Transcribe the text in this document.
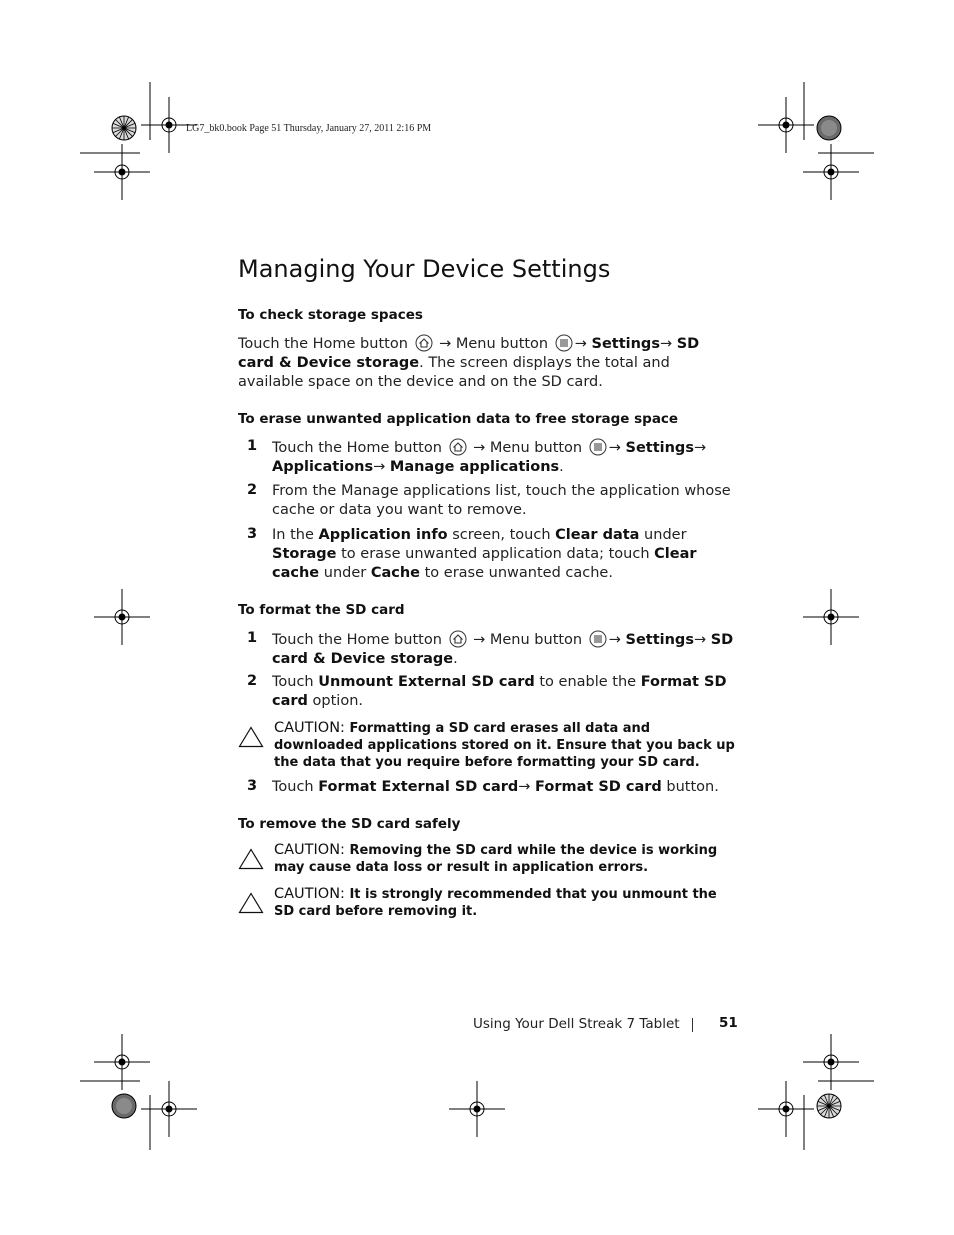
LG7_bk0.book Page 51 Thursday, January 27, 2011 2:16 PM
Managing Your Device Settings
To check storage spaces
Touch the Home button → Menu button → Settings→ SD card & Device storage. The screen displays the total and available space on the device and on the SD card.
To erase unwanted application data to free storage space
1 Touch the Home button → Menu button → Settings→ Applications→ Manage applications.
2 From the Manage applications list, touch the application whose cache or data you want to remove.
3 In the Application info screen, touch Clear data under Storage to erase unwanted application data; touch Clear cache under Cache to erase unwanted cache.
To format the SD card
1 Touch the Home button → Menu button → Settings→ SD card & Device storage.
2 Touch Unmount External SD card to enable the Format SD card option.
CAUTION: Formatting a SD card erases all data and downloaded applications stored on it. Ensure that you back up the data that you require before formatting your SD card.
3 Touch Format External SD card→ Format SD card button.
To remove the SD card safely
CAUTION: Removing the SD card while the device is working may cause data loss or result in application errors.
CAUTION: It is strongly recommended that you unmount the SD card before removing it.
Using Your Dell Streak 7 Tablet	51
